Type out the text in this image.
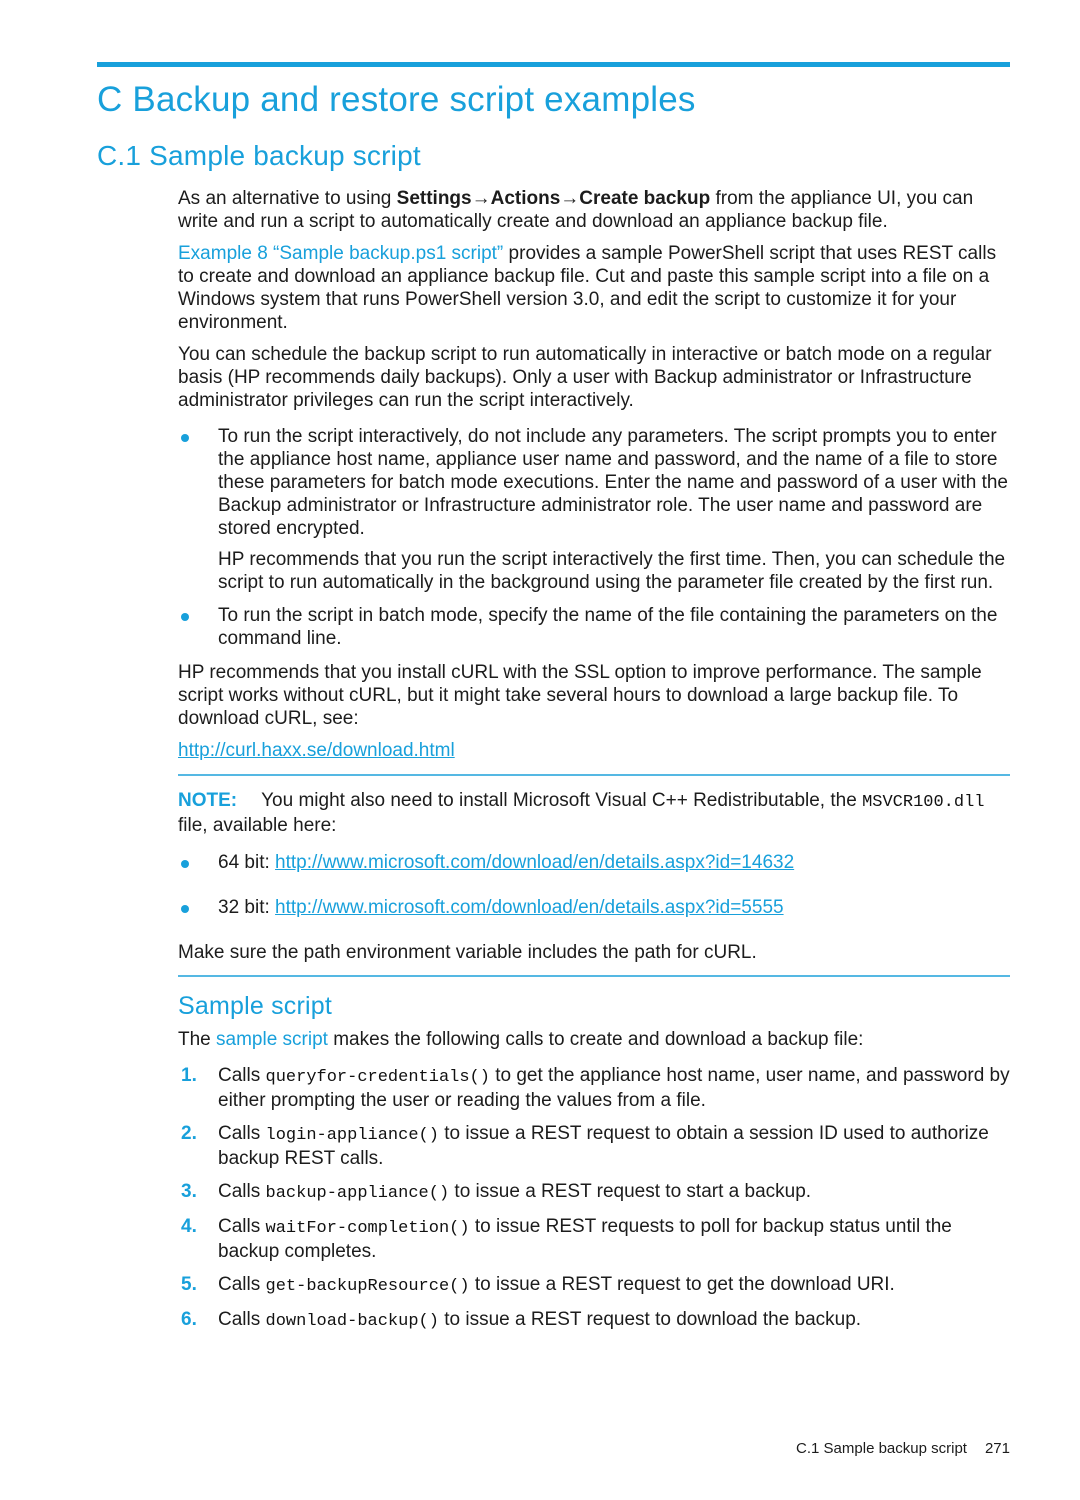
C Backup and restore script examples
C.1 Sample backup script

As an alternative to using Settings→Actions→Create backup from the appliance UI, you can write and run a script to automatically create and download an appliance backup file.

Example 8 “Sample backup.ps1 script” provides a sample PowerShell script that uses REST calls to create and download an appliance backup file. Cut and paste this sample script into a file on a Windows system that runs PowerShell version 3.0, and edit the script to customize it for your environment.

You can schedule the backup script to run automatically in interactive or batch mode on a regular basis (HP recommends daily backups). Only a user with Backup administrator or Infrastructure administrator privileges can run the script interactively.

To run the script interactively, do not include any parameters. The script prompts you to enter the appliance host name, appliance user name and password, and the name of a file to store these parameters for batch mode executions. Enter the name and password of a user with the Backup administrator or Infrastructure administrator role. The user name and password are stored encrypted.

HP recommends that you run the script interactively the first time. Then, you can schedule the script to run automatically in the background using the parameter file created by the first run.

To run the script in batch mode, specify the name of the file containing the parameters on the command line.

HP recommends that you install cURL with the SSL option to improve performance. The sample script works without cURL, but it might take several hours to download a large backup file. To download cURL, see:

http://curl.haxx.se/download.html

NOTE: You might also need to install Microsoft Visual C++ Redistributable, the MSVCR100.dll file, available here:

64 bit: http://www.microsoft.com/download/en/details.aspx?id=14632

32 bit: http://www.microsoft.com/download/en/details.aspx?id=5555

Make sure the path environment variable includes the path for cURL.

Sample script

The sample script makes the following calls to create and download a backup file:

1.	Calls queryfor-credentials() to get the appliance host name, user name, and password by either prompting the user or reading the values from a file.

2.	Calls login-appliance() to issue a REST request to obtain a session ID used to authorize backup REST calls.

3.	Calls backup-appliance() to issue a REST request to start a backup.

4.	Calls waitFor-completion() to issue REST requests to poll for backup status until the backup completes.

5.	Calls get-backupResource() to issue a REST request to get the download URI.

6.	Calls download-backup() to issue a REST request to download the backup.

C.1 Sample backup script 271
